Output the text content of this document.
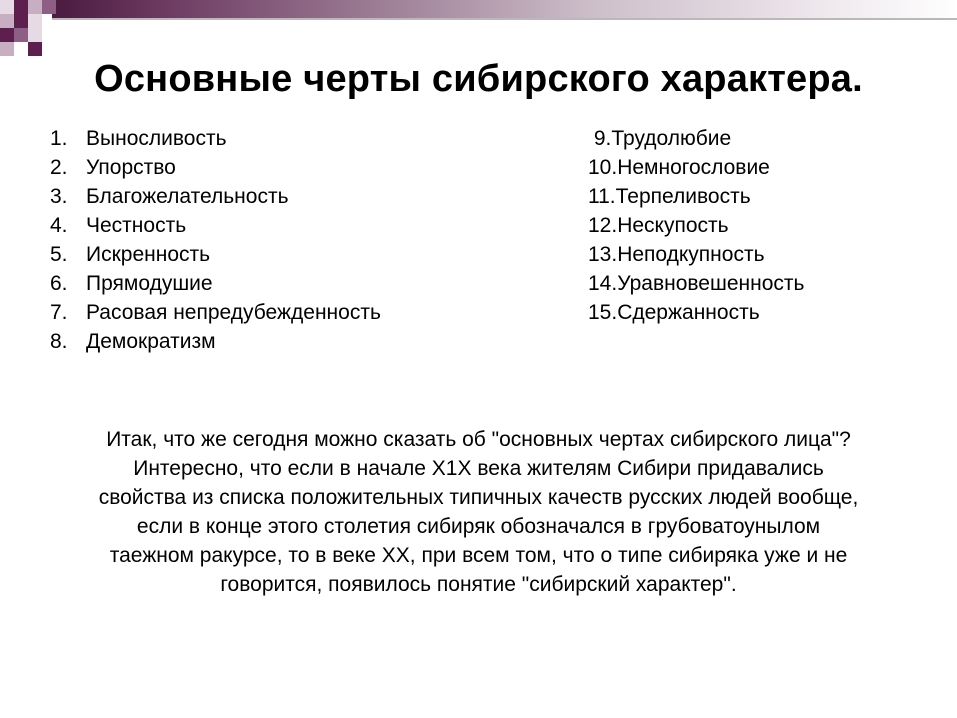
Основные черты сибирского характера.
1. Выносливость
2. Упорство
3. Благожелательность
4. Честность
5. Искренность
6. Прямодушие
7. Расовая непредубежденность
8. Демократизм
9.Трудолюбие
10.Немногословие
11.Терпеливость
12.Нескупость
13.Неподкупность
14.Уравновешенность
15.Сдержанность
Итак, что же сегодня можно сказать об "основных чертах сибирского лица"?
Интересно, что если в начале Х1Х века жителям Сибири придавались
свойства из списка положительных типичных качеств русских людей вообще,
если в конце этого столетия сибиряк обозначался в грубоватоунылом
таежном ракурсе, то в веке ХХ, при всем том, что о типе сибиряка уже и не
говорится, появилось понятие "сибирский характер".
